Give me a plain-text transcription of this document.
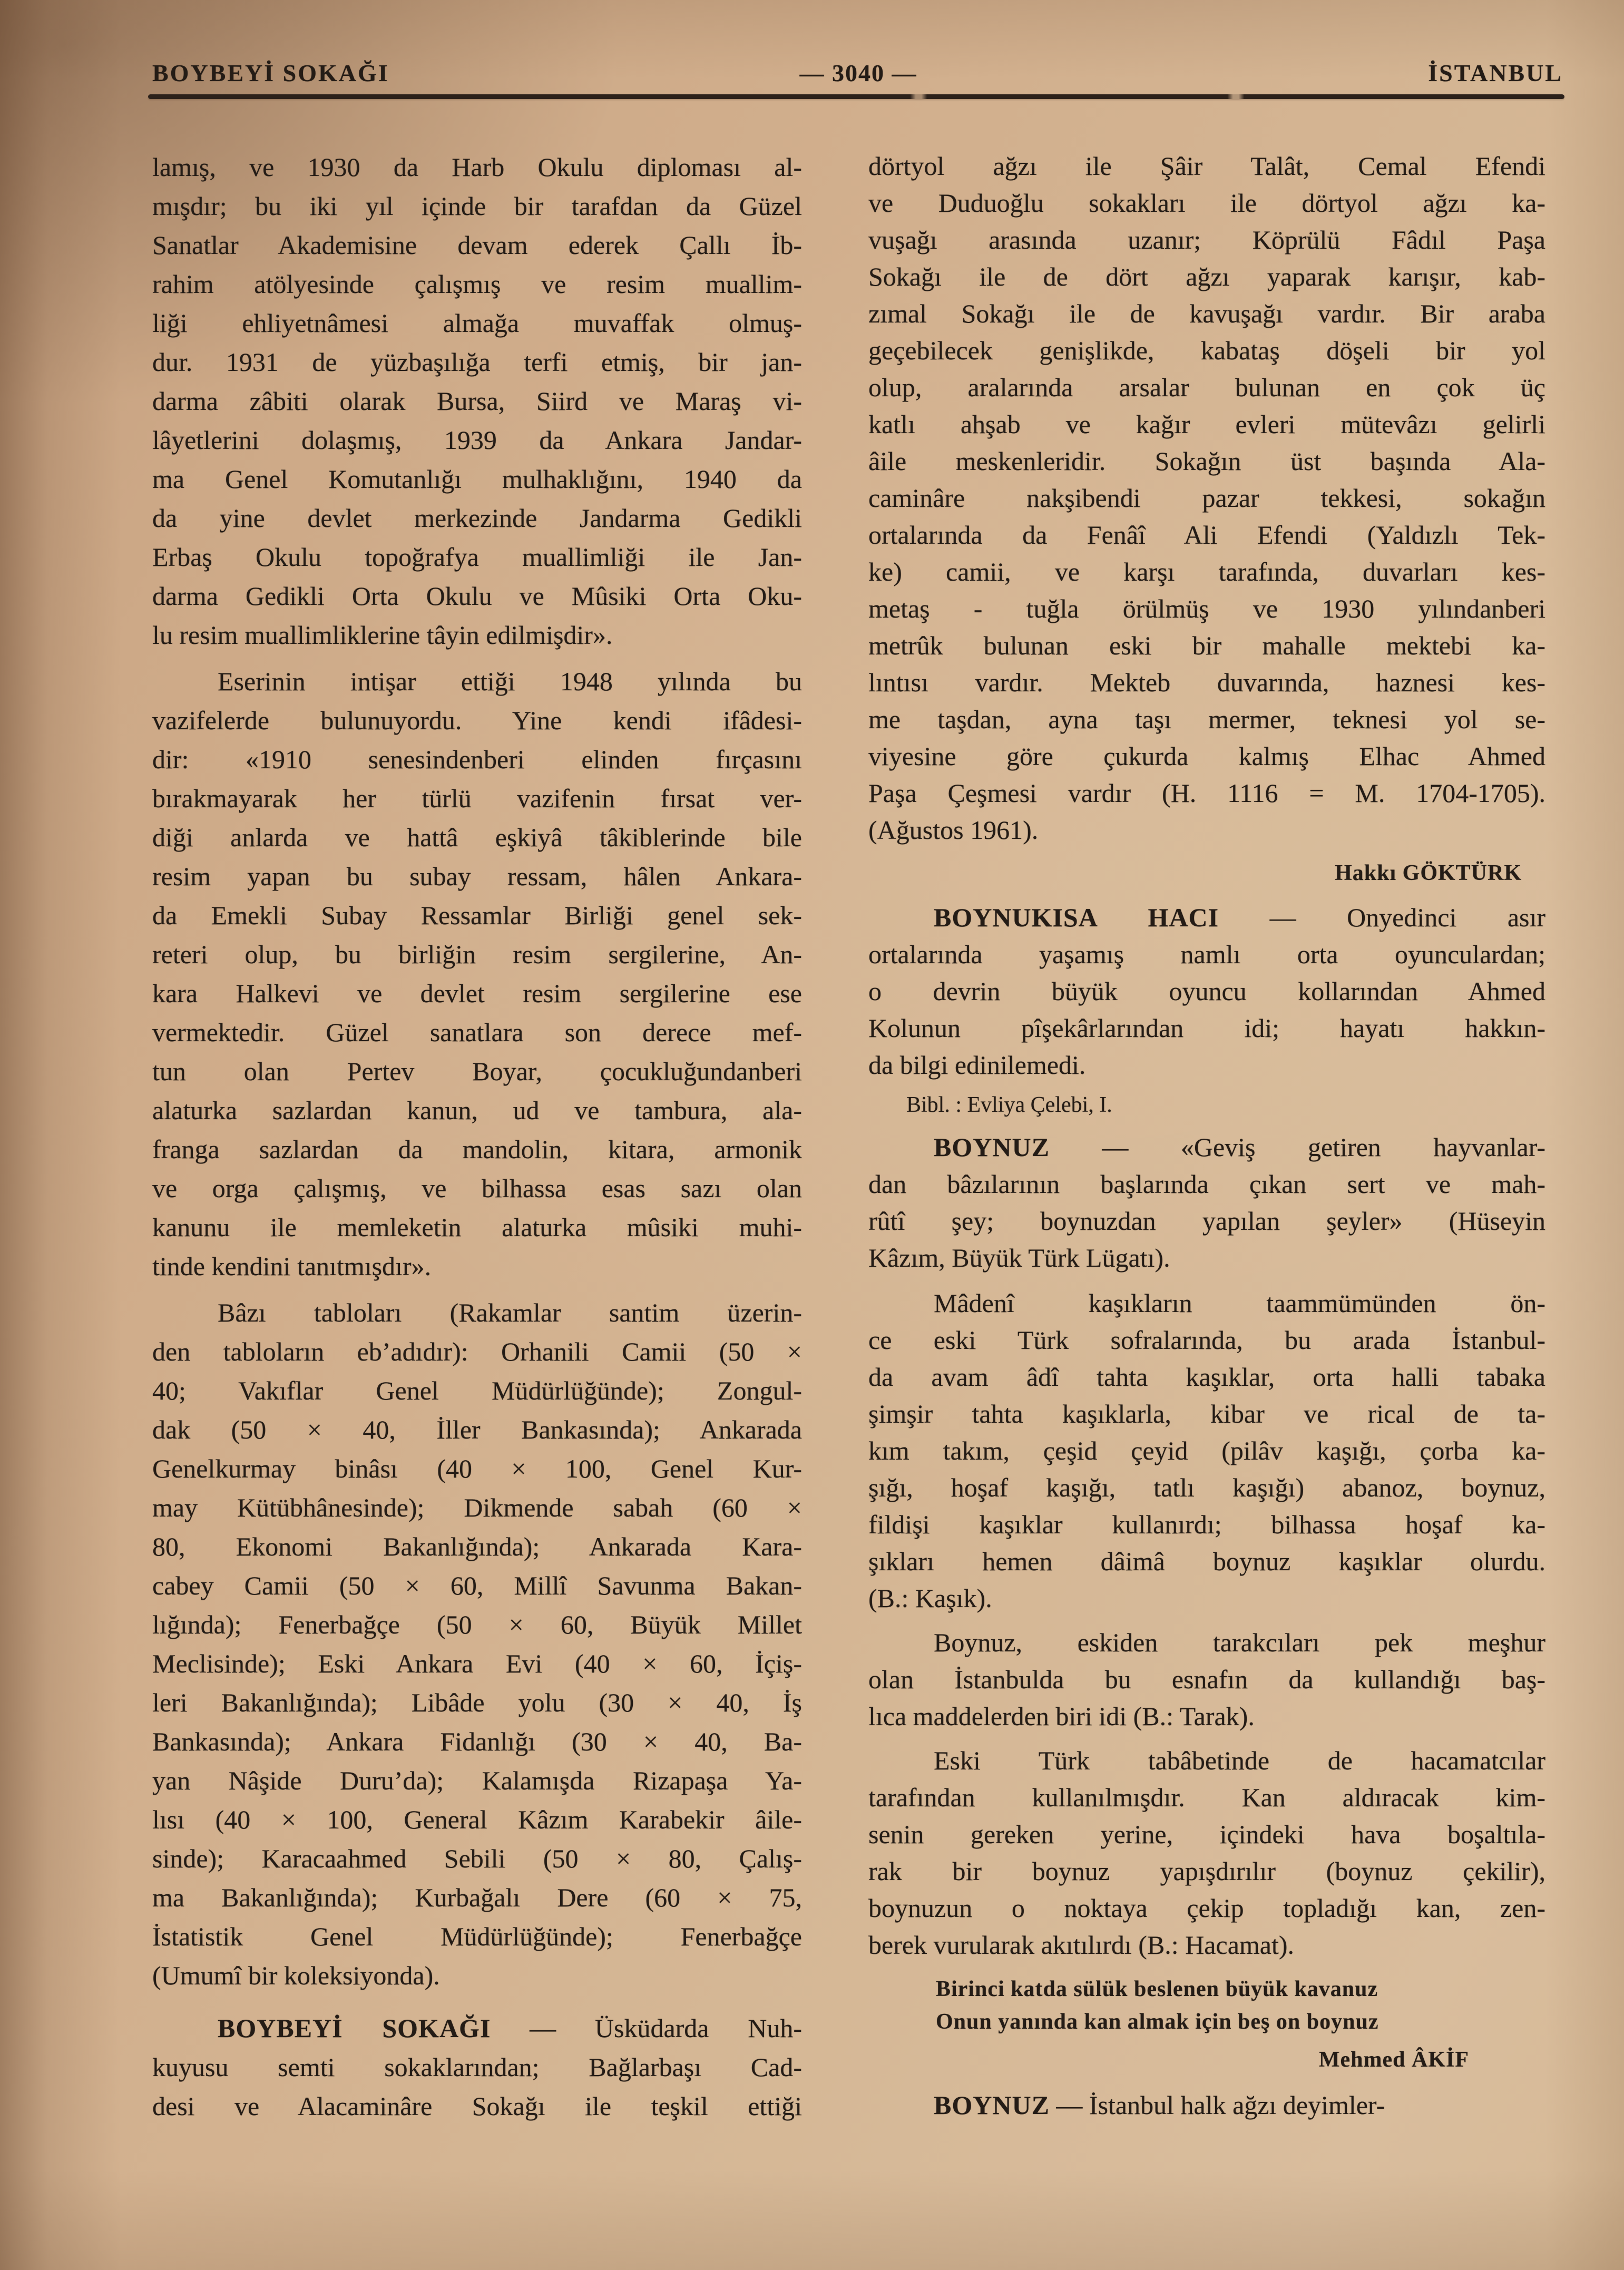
BOYBEYİ SOKAĞI	— 3040 —	İSTANBUL
lamış, ve 1930 da Harb Okulu diploması al-
mışdır; bu iki yıl içinde bir tarafdan da Güzel
Sanatlar Akademisine devam ederek Çallı İb-
rahim atölyesinde çalışmış ve resim muallim-
liği ehliyetnâmesi almağa muvaffak olmuş-
dur. 1931 de yüzbaşılığa terfi etmiş, bir jan-
darma zâbiti olarak Bursa, Siird ve Maraş vi-
lâyetlerini dolaşmış, 1939 da Ankara Jandar-
ma Genel Komutanlığı mulhaklığını, 1940 da
da yine devlet merkezinde Jandarma Gedikli
Erbaş Okulu topoğrafya muallimliği ile Jan-
darma Gedikli Orta Okulu ve Mûsiki Orta Oku-
lu resim muallimliklerine tâyin edilmişdir».
Eserinin intişar ettiği 1948 yılında bu
vazifelerde bulunuyordu. Yine kendi ifâdesi-
dir: «1910 senesindenberi elinden fırçasını
bırakmayarak her türlü vazifenin fırsat ver-
diği anlarda ve hattâ eşkiyâ tâkiblerinde bile
resim yapan bu subay ressam, hâlen Ankara-
da Emekli Subay Ressamlar Birliği genel sek-
reteri olup, bu birliğin resim sergilerine, An-
kara Halkevi ve devlet resim sergilerine ese
vermektedir. Güzel sanatlara son derece mef-
tun olan Pertev Boyar, çocukluğundanberi
alaturka sazlardan kanun, ud ve tambura, ala-
franga sazlardan da mandolin, kitara, armonik
ve orga çalışmış, ve bilhassa esas sazı olan
kanunu ile memleketin alaturka mûsiki muhi-
tinde kendini tanıtmışdır».
Bâzı tabloları (Rakamlar santim üzerin-
den tabloların eb’adıdır): Orhanili Camii (50 ×
40; Vakıflar Genel Müdürlüğünde); Zongul-
dak (50 × 40, İller Bankasında); Ankarada
Genelkurmay binâsı (40 × 100, Genel Kur-
may Kütübhânesinde); Dikmende sabah (60 ×
80, Ekonomi Bakanlığında); Ankarada Kara-
cabey Camii (50 × 60, Millî Savunma Bakan-
lığında); Fenerbağçe (50 × 60, Büyük Millet
Meclisinde); Eski Ankara Evi (40 × 60, İçiş-
leri Bakanlığında); Libâde yolu (30 × 40, İş
Bankasında); Ankara Fidanlığı (30 × 40, Ba-
yan Nâşide Duru’da); Kalamışda Rizapaşa Ya-
lısı (40 × 100, General Kâzım Karabekir âile-
sinde); Karacaahmed Sebili (50 × 80, Çalış-
ma Bakanlığında); Kurbağalı Dere (60 × 75,
İstatistik Genel Müdürlüğünde); Fenerbağçe
(Umumî bir koleksiyonda).
BOYBEYİ SOKAĞI — Üsküdarda Nuh-
kuyusu semti sokaklarından; Bağlarbaşı Cad-
desi ve Alacaminâre Sokağı ile teşkil ettiği
dörtyol ağzı ile Şâir Talât, Cemal Efendi
ve Duduoğlu sokakları ile dörtyol ağzı ka-
vuşağı arasında uzanır; Köprülü Fâdıl Paşa
Sokağı ile de dört ağzı yaparak karışır, kab-
zımal Sokağı ile de kavuşağı vardır. Bir araba
geçebilecek genişlikde, kabataş döşeli bir yol
olup, aralarında arsalar bulunan en çok üç
katlı ahşab ve kağır evleri mütevâzı gelirli
âile meskenleridir. Sokağın üst başında Ala-
caminâre nakşibendi pazar tekkesi, sokağın
ortalarında da Fenâî Ali Efendi (Yaldızlı Tek-
ke) camii, ve karşı tarafında, duvarları kes-
metaş - tuğla örülmüş ve 1930 yılındanberi
metrûk bulunan eski bir mahalle mektebi ka-
lıntısı vardır. Mekteb duvarında, haznesi kes-
me taşdan, ayna taşı mermer, teknesi yol se-
viyesine göre çukurda kalmış Elhac Ahmed
Paşa Çeşmesi vardır (H. 1116 = M. 1704-1705).
(Ağustos 1961).
Hakkı GÖKTÜRK
BOYNUKISA HACI — Onyedinci asır
ortalarında yaşamış namlı orta oyunculardan;
o devrin büyük oyuncu kollarından Ahmed
Kolunun pîşekârlarından idi; hayatı hakkın-
da bilgi edinilemedi.
Bibl. : Evliya Çelebi, I.
BOYNUZ — «Geviş getiren hayvanlar-
dan bâzılarının başlarında çıkan sert ve mah-
rûtî şey; boynuzdan yapılan şeyler» (Hüseyin
Kâzım, Büyük Türk Lügatı).
Mâdenî kaşıkların taammümünden ön-
ce eski Türk sofralarında, bu arada İstanbul-
da avam âdî tahta kaşıklar, orta halli tabaka
şimşir tahta kaşıklarla, kibar ve rical de ta-
kım takım, çeşid çeyid (pilâv kaşığı, çorba ka-
şığı, hoşaf kaşığı, tatlı kaşığı) abanoz, boynuz,
fildişi kaşıklar kullanırdı; bilhassa hoşaf ka-
şıkları hemen dâimâ boynuz kaşıklar olurdu.
(B.: Kaşık).
Boynuz, eskiden tarakcıları pek meşhur
olan İstanbulda bu esnafın da kullandığı baş-
lıca maddelerden biri idi (B.: Tarak).
Eski Türk tabâbetinde de hacamatcılar
tarafından kullanılmışdır. Kan aldıracak kim-
senin gereken yerine, içindeki hava boşaltıla-
rak bir boynuz yapışdırılır (boynuz çekilir),
boynuzun o noktaya çekip topladığı kan, zen-
berek vurularak akıtılırdı (B.: Hacamat).
Birinci katda sülük beslenen büyük kavanuz
Onun yanında kan almak için beş on boynuz
Mehmed ÂKİF
BOYNUZ — İstanbul halk ağzı deyimler-
